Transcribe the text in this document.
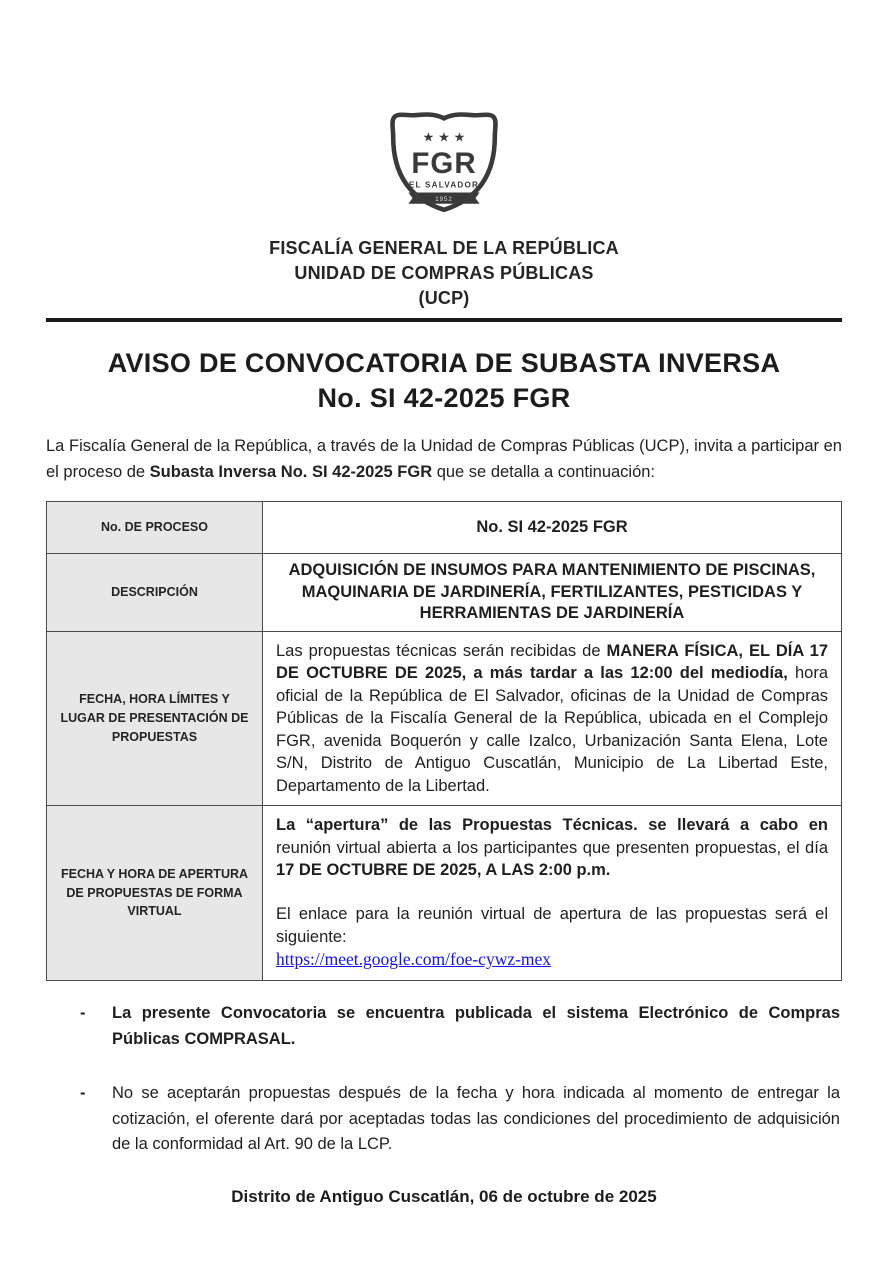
★ ★ ★
FGR
EL SALVADOR
1952
FISCALÍA GENERAL DE LA REPÚBLICA
UNIDAD DE COMPRAS PÚBLICAS
(UCP)
AVISO DE CONVOCATORIA DE SUBASTA INVERSA
No. SI 42-2025 FGR

La Fiscalía General de la República, a través de la Unidad de Compras Públicas (UCP), invita a participar en el proceso de Subasta Inversa No. SI 42-2025 FGR que se detalla a continuación:

No. DE PROCESO	No. SI 42-2025 FGR
DESCRIPCIÓN	ADQUISICIÓN DE INSUMOS PARA MANTENIMIENTO DE PISCINAS, MAQUINARIA DE JARDINERÍA, FERTILIZANTES, PESTICIDAS Y HERRAMIENTAS DE JARDINERÍA
FECHA, HORA LÍMITES Y LUGAR DE PRESENTACIÓN DE PROPUESTAS	Las propuestas técnicas serán recibidas de MANERA FÍSICA, EL DÍA 17 DE OCTUBRE DE 2025, a más tardar a las 12:00 del mediodía, hora oficial de la República de El Salvador, oficinas de la Unidad de Compras Públicas de la Fiscalía General de la República, ubicada en el Complejo FGR, avenida Boquerón y calle Izalco, Urbanización Santa Elena, Lote S/N, Distrito de Antiguo Cuscatlán, Municipio de La Libertad Este, Departamento de la Libertad.
FECHA Y HORA DE APERTURA DE PROPUESTAS DE FORMA VIRTUAL	La “apertura” de las Propuestas Técnicas. se llevará a cabo en reunión virtual abierta a los participantes que presenten propuestas, el día 17 DE OCTUBRE DE 2025, A LAS 2:00 p.m.

El enlace para la reunión virtual de apertura de las propuestas será el siguiente:

https://meet.google.com/foe-cywz-mex
- La presente Convocatoria se encuentra publicada el sistema Electrónico de Compras Públicas COMPRASAL.
- No se aceptarán propuestas después de la fecha y hora indicada al momento de entregar la cotización, el oferente dará por aceptadas todas las condiciones del procedimiento de adquisición de la conformidad al Art. 90 de la LCP.
Distrito de Antiguo Cuscatlán, 06 de octubre de 2025
